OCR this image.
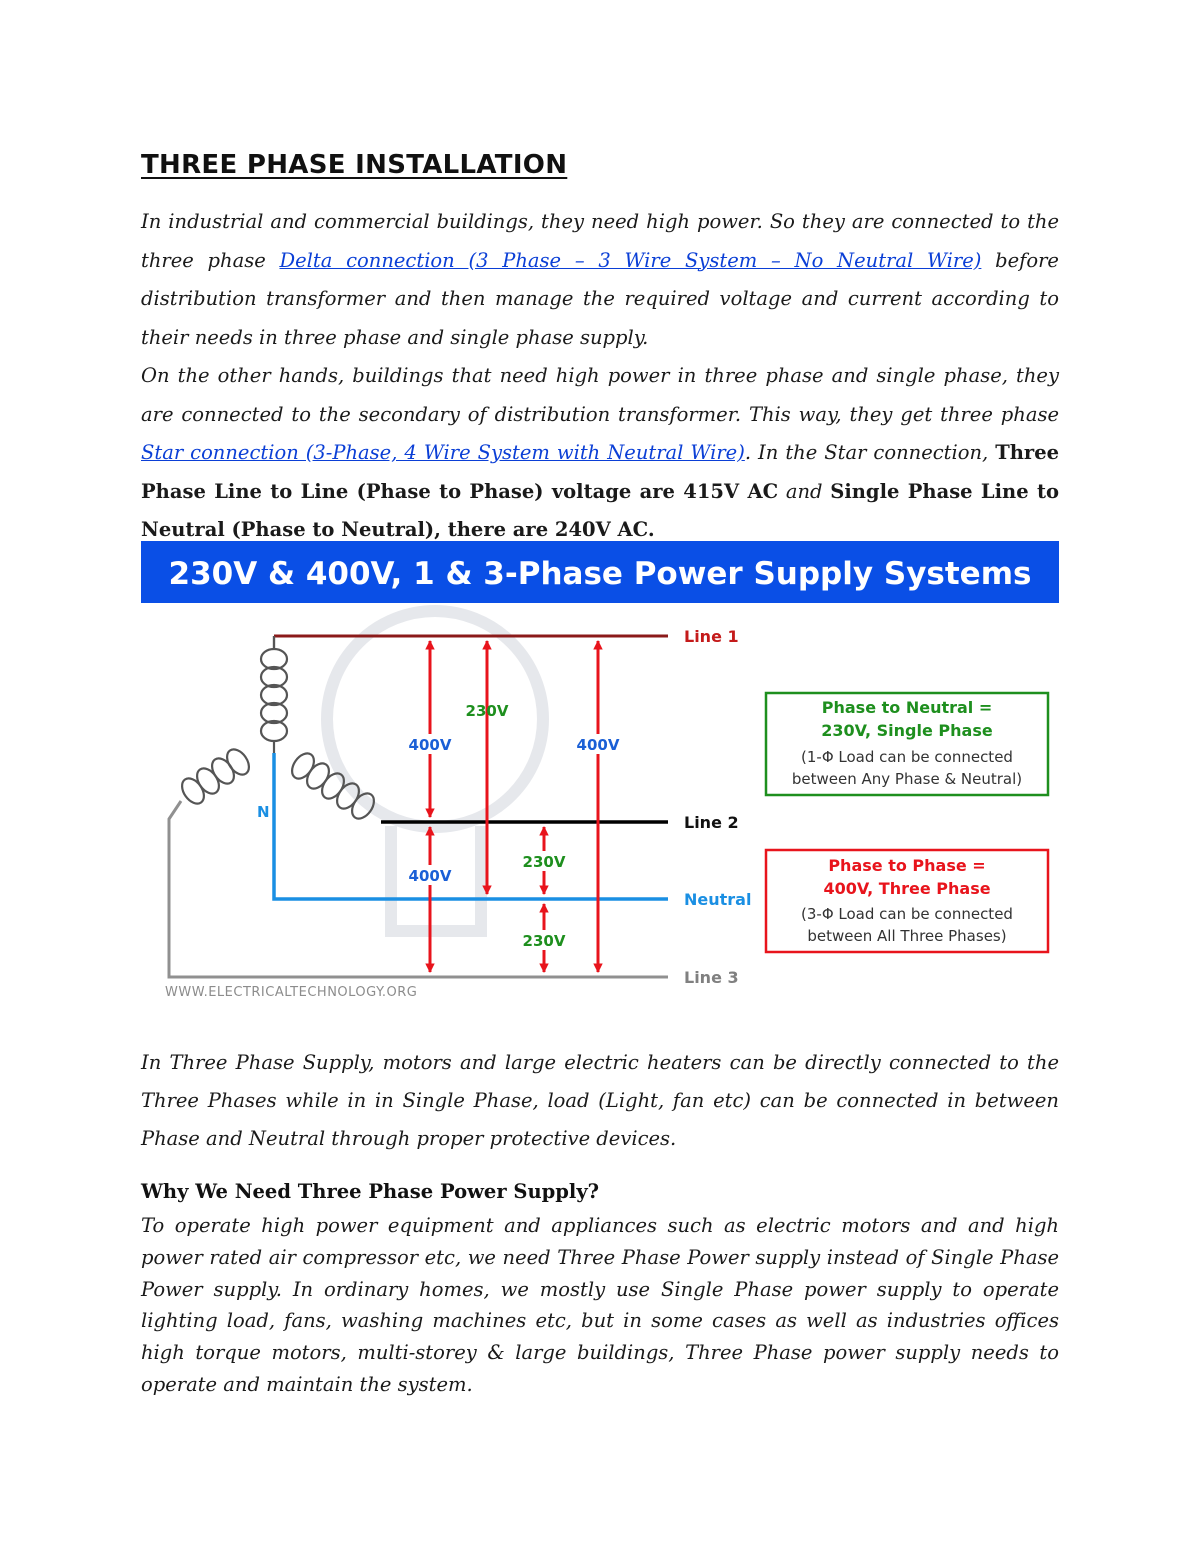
THREE PHASE INSTALLATION

In industrial and commercial buildings, they need high power. So they are connected to the three phase Delta connection (3 Phase – 3 Wire System – No Neutral Wire) before distribution transformer and then manage the required voltage and current according to their needs in three phase and single phase supply.

On the other hands, buildings that need high power in three phase and single phase, they are connected to the secondary of distribution transformer. This way, they get three phase Star connection (3-Phase, 4 Wire System with Neutral Wire). In the Star connection, Three Phase Line to Line (Phase to Phase) voltage are 415V AC and Single Phase Line to Neutral (Phase to Neutral), there are 240V AC.

230V & 400V, 1 & 3-Phase Power Supply Systems
N
400V	400V
230V
400V
230V
230V
Line 1
Line 2
Neutral
Line 3
Phase to Neutral =
230V, Single Phase
(1-Φ Load can be connected
between Any Phase & Neutral)
Phase to Phase =
400V, Three Phase
(3-Φ Load can be connected
between All Three Phases)
WWW.ELECTRICALTECHNOLOGY.ORG

In Three Phase Supply, motors and large electric heaters can be directly connected to the Three Phases while in in Single Phase, load (Light, fan etc) can be connected in between Phase and Neutral through proper protective devices.

Why We Need Three Phase Power Supply?

To operate high power equipment and appliances such as electric motors and and high power rated air compressor etc, we need Three Phase Power supply instead of Single Phase Power supply. In ordinary homes, we mostly use Single Phase power supply to operate lighting load, fans, washing machines etc, but in some cases as well as industries offices high torque motors, multi-storey & large buildings, Three Phase power supply needs to operate and maintain the system.
